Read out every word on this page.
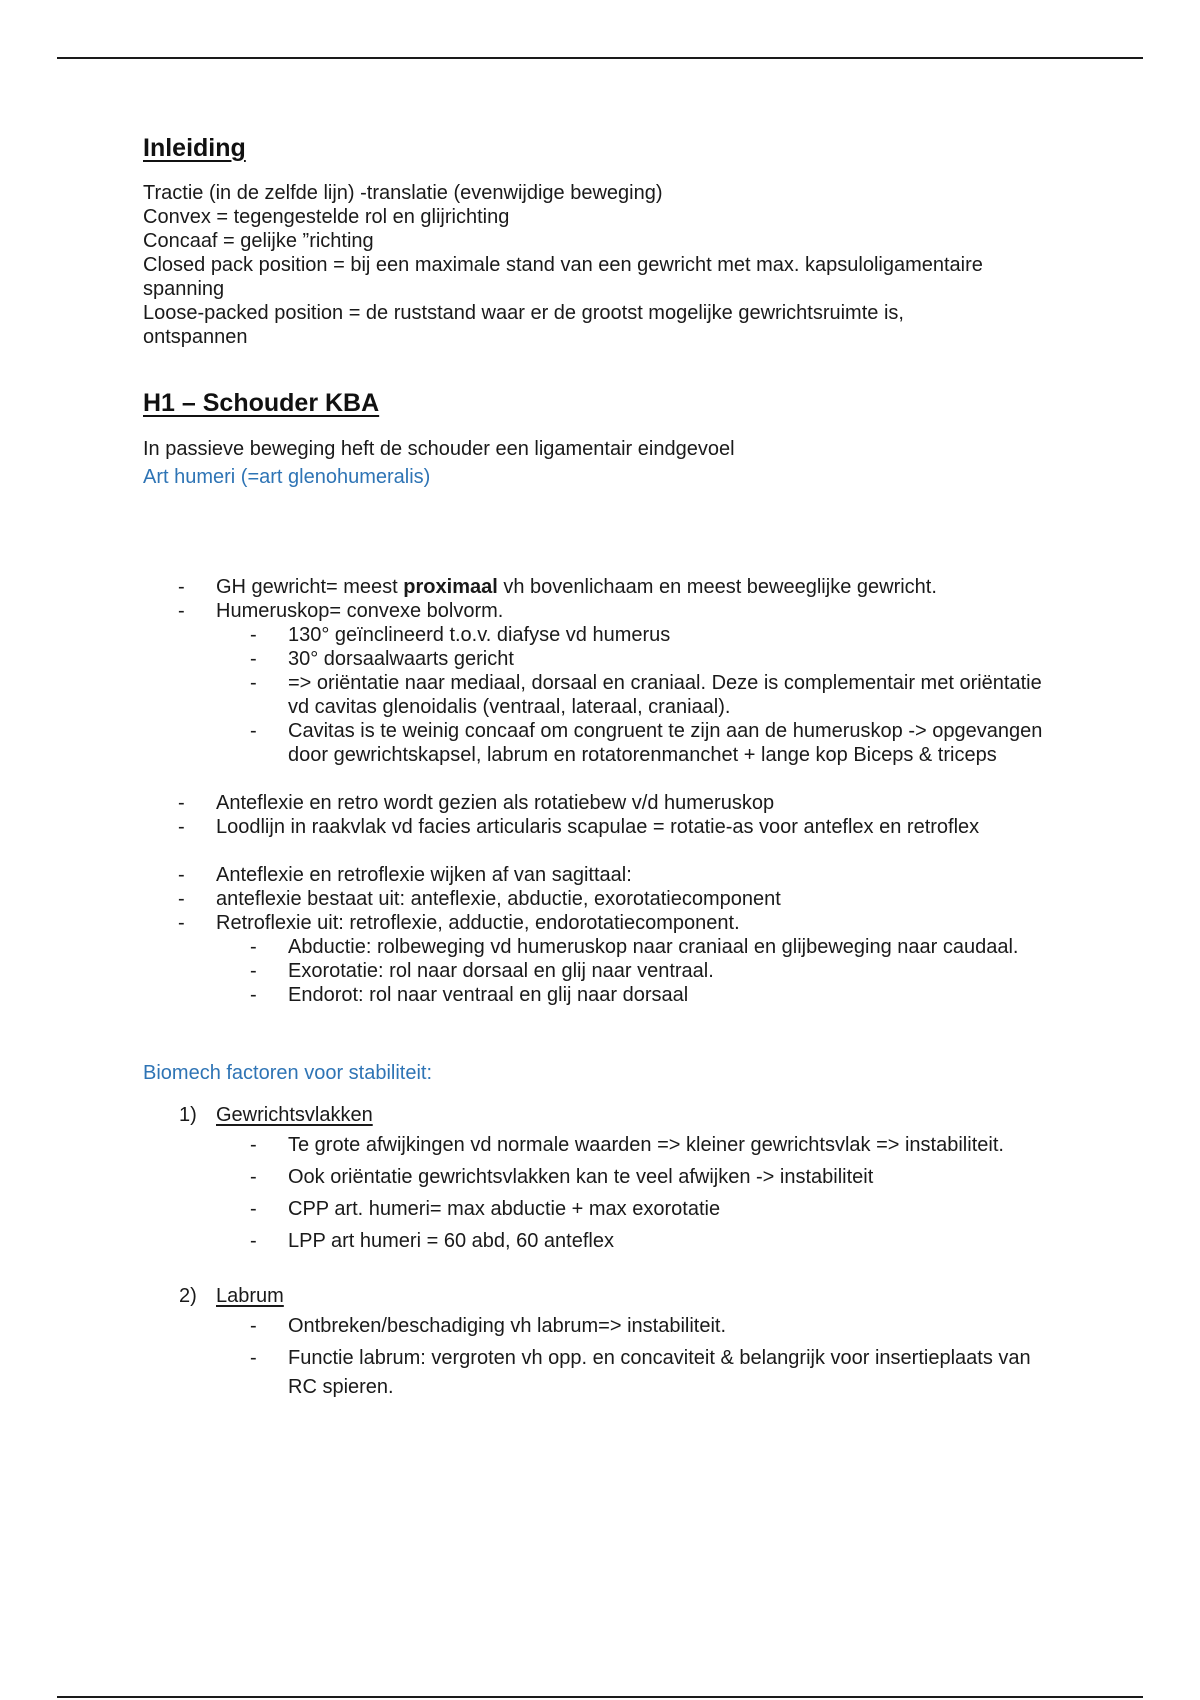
Inleiding

Tractie (in de zelfde lijn) -translatie (evenwijdige beweging)

Convex = tegengestelde rol en glijrichting

Concaaf = gelijke ”richting

Closed pack position = bij een maximale stand van een gewricht met max. kapsuloligamentaire spanning

Loose-packed position = de ruststand waar er de grootst mogelijke gewrichtsruimte is, ontspannen

H1 – Schouder KBA

In passieve beweging heft de schouder een ligamentair eindgevoel

Art humeri (=art glenohumeralis)

- GH gewricht= meest proximaal vh bovenlichaam en meest beweeglijke gewricht.
- Humeruskop= convexe bolvorm.
- 130° geïnclineerd t.o.v. diafyse vd humerus
- 30° dorsaalwaarts gericht
- => oriëntatie naar mediaal, dorsaal en craniaal. Deze is complementair met oriëntatie vd cavitas glenoidalis (ventraal, lateraal, craniaal).
- Cavitas is te weinig concaaf om congruent te zijn aan de humeruskop -> opgevangen door gewrichtskapsel, labrum en rotatorenmanchet + lange kop Biceps & triceps
- Anteflexie en retro wordt gezien als rotatiebew v/d humeruskop
- Loodlijn in raakvlak vd facies articularis scapulae = rotatie-as voor anteflex en retroflex
- Anteflexie en retroflexie wijken af van sagittaal:
- anteflexie bestaat uit: anteflexie, abductie, exorotatiecomponent
- Retroflexie uit: retroflexie, adductie, endorotatiecomponent.
- Abductie: rolbeweging vd humeruskop naar craniaal en glijbeweging naar caudaal.
- Exorotatie: rol naar dorsaal en glij naar ventraal.
- Endorot: rol naar ventraal en glij naar dorsaal

Biomech factoren voor stabiliteit:

1) Gewrichtsvlakken
- Te grote afwijkingen vd normale waarden => kleiner gewrichtsvlak => instabiliteit.
- Ook oriëntatie gewrichtsvlakken kan te veel afwijken -> instabiliteit
- CPP art. humeri= max abductie + max exorotatie
- LPP art humeri = 60 abd, 60 anteflex
2) Labrum
- Ontbreken/beschadiging vh labrum=> instabiliteit.
- Functie labrum: vergroten vh opp. en concaviteit & belangrijk voor insertieplaats van RC spieren.
